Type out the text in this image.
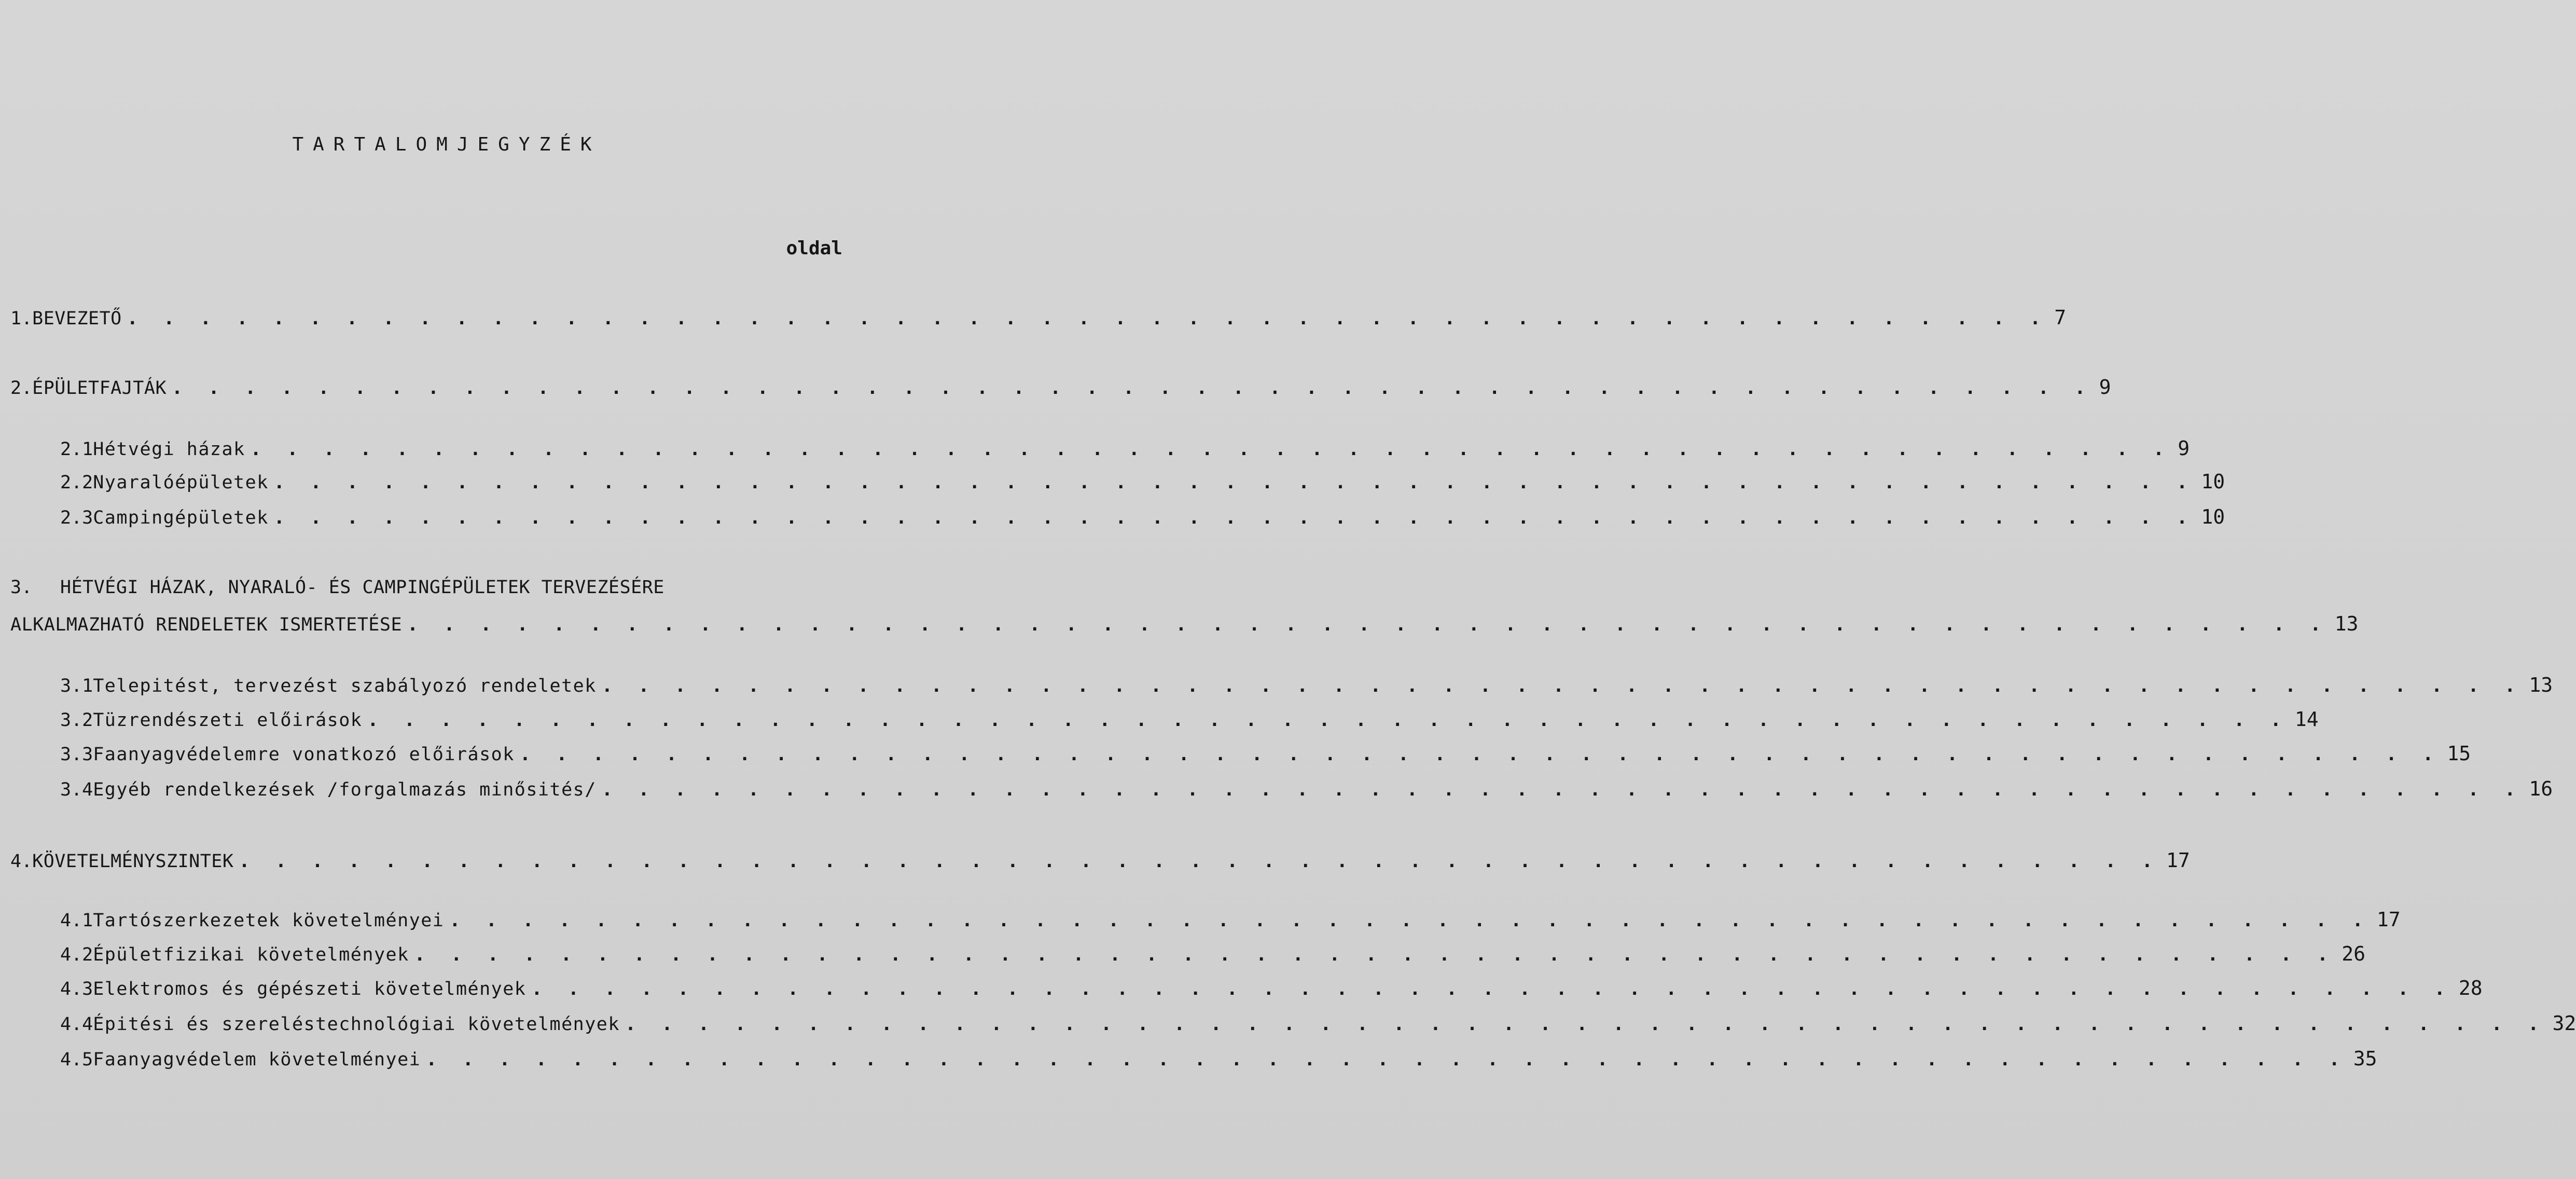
TARTALOMJEGYZÉK
oldal
1. BEVEZETŐ . . . . . . . . . . . . . . . . . . . . . . . . . . . . . . . . . . . . . . . . . . . . . . . . . . . . . 7
2. ÉPÜLETFAJTÁK . . . . . . . . . . . . . . . . . . . . . . . . . . . . . . . . . . . . . . . . . . . . . . . . . . . . . 9
2.1 Hétvégi házak . . . . . . . . . . . . . . . . . . . . . . . . . . . . . . . . . . . . . . . . . . . . . . . . . . . . . 9
2.2 Nyaralóépületek . . . . . . . . . . . . . . . . . . . . . . . . . . . . . . . . . . . . . . . . . . . . . . . . . . . . . 10
2.3 Campingépületek . . . . . . . . . . . . . . . . . . . . . . . . . . . . . . . . . . . . . . . . . . . . . . . . . . . . . 10
3.	HÉTVÉGI HÁZAK, NYARALÓ- ÉS CAMPINGÉPÜLETEK TERVEZÉSÉRE
ALKALMAZHATÓ RENDELETEK ISMERTETÉSE . . . . . . . . . . . . . . . . . . . . . . . . . . . . . . . . . . . . . . . . . . . . . . . . . . . . . 13
3.1 Telepitést, tervezést szabályozó rendeletek . . . . . . . . . . . . . . . . . . . . . . . . . . . . . . . . . . . . . . . . . . . . . . . . . . . . . 13
3.2 Tüzrendészeti előirások . . . . . . . . . . . . . . . . . . . . . . . . . . . . . . . . . . . . . . . . . . . . . . . . . . . . . 14
3.3 Faanyagvédelemre vonatkozó előirások . . . . . . . . . . . . . . . . . . . . . . . . . . . . . . . . . . . . . . . . . . . . . . . . . . . . . 15
3.4 Egyéb rendelkezések /forgalmazás minősités/ . . . . . . . . . . . . . . . . . . . . . . . . . . . . . . . . . . . . . . . . . . . . . . . . . . . . . 16
4. KÖVETELMÉNYSZINTEK . . . . . . . . . . . . . . . . . . . . . . . . . . . . . . . . . . . . . . . . . . . . . . . . . . . . . 17
4.1 Tartószerkezetek követelményei . . . . . . . . . . . . . . . . . . . . . . . . . . . . . . . . . . . . . . . . . . . . . . . . . . . . . 17
4.2 Épületfizikai követelmények . . . . . . . . . . . . . . . . . . . . . . . . . . . . . . . . . . . . . . . . . . . . . . . . . . . . . 26
4.3 Elektromos és gépészeti követelmények . . . . . . . . . . . . . . . . . . . . . . . . . . . . . . . . . . . . . . . . . . . . . . . . . . . . . 28
4.4 Épitési és szereléstechnológiai követelmények . . . . . . . . . . . . . . . . . . . . . . . . . . . . . . . . . . . . . . . . . . . . . . . . . . . . . 32
4.5 Faanyagvédelem követelményei . . . . . . . . . . . . . . . . . . . . . . . . . . . . . . . . . . . . . . . . . . . . . . . . . . . . . 35
